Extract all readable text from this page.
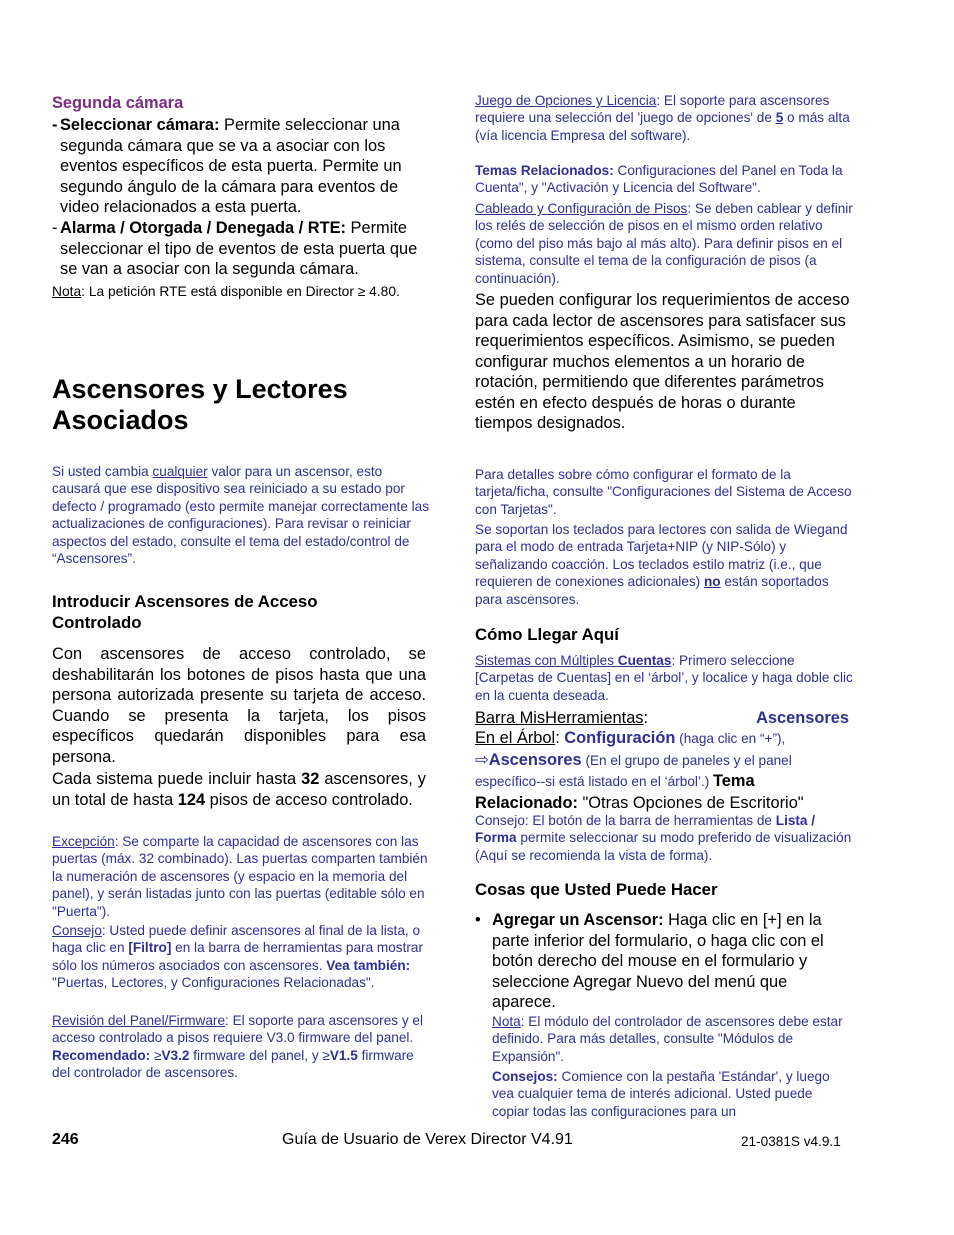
Segunda cámara
- Seleccionar cámara: Permite seleccionar una segunda cámara que se va a asociar con los eventos específicos de esta puerta. Permite un segundo ángulo de la cámara para eventos de video relacionados a esta puerta.
- Alarma / Otorgada / Denegada / RTE: Permite seleccionar el tipo de eventos de esta puerta que se van a asociar con la segunda cámara.
Nota: La petición RTE está disponible en Director ≥ 4.80.
Ascensores y Lectores Asociados
Si usted cambia cualquier valor para un ascensor, esto causará que ese dispositivo sea reiniciado a su estado por defecto / programado (esto permite manejar correctamente las actualizaciones de configuraciones). Para revisar o reiniciar aspectos del estado, consulte el tema del estado/control de “Ascensores”.
Introducir Ascensores de Acceso Controlado
Con ascensores de acceso controlado, se deshabilitarán los botones de pisos hasta que una persona autorizada presente su tarjeta de acceso. Cuando se presenta la tarjeta, los pisos específicos quedarán disponibles para esa persona.
Cada sistema puede incluir hasta 32 ascensores, y un total de hasta 124 pisos de acceso controlado.
Excepción: Se comparte la capacidad de ascensores con las puertas (máx. 32 combinado). Las puertas comparten también la numeración de ascensores (y espacio en la memoria del panel), y serán listadas junto con las puertas (editable sólo en "Puerta").
Consejo: Usted puede definir ascensores al final de la lista, o haga clic en [Filtro] en la barra de herramientas para mostrar sólo los números asociados con ascensores. Vea también: "Puertas, Lectores, y Configuraciones Relacionadas".
Revisión del Panel/Firmware: El soporte para ascensores y el acceso controlado a pisos requiere V3.0 firmware del panel. Recomendado: ≥V3.2 firmware del panel, y ≥V1.5 firmware del controlador de ascensores.
Juego de Opciones y Licencia: El soporte para ascensores requiere una selección del 'juego de opciones' de 5 o más alta (vía licencia Empresa del software).
Temas Relacionados: Configuraciones del Panel en Toda la Cuenta", y "Activación y Licencia del Software".
Cableado y Configuración de Pisos: Se deben cablear y definir los relés de selección de pisos en el mismo orden relativo (como del piso más bajo al más alto). Para definir pisos en el sistema, consulte el tema de la configuración de pisos (a continuación).
Se pueden configurar los requerimientos de acceso para cada lector de ascensores para satisfacer sus requerimientos específicos. Asimismo, se pueden configurar muchos elementos a un horario de rotación, permitiendo que diferentes parámetros estén en efecto después de horas o durante tiempos designados.
Para detalles sobre cómo configurar el formato de la tarjeta/ficha, consulte "Configuraciones del Sistema de Acceso con Tarjetas".
Se soportan los teclados para lectores con salida de Wiegand para el modo de entrada Tarjeta+NIP (y NIP-Sólo) y señalizando coacción. Los teclados estilo matriz (i.e., que requieren de conexiones adicionales) no están soportados para ascensores.
Cómo Llegar Aquí
Sistemas con Múltiples Cuentas: Primero seleccione [Carpetas de Cuentas] en el ‘árbol’, y localice y haga doble clic en la cuenta deseada.
Barra MisHerramientas:	Ascensores
En el Árbol: Configuración (haga clic en “+”), ⇨Ascensores (En el grupo de paneles y el panel específico--si está listado en el ‘árbol’.) Tema Relacionado: "Otras Opciones de Escritorio"
Consejo: El botón de la barra de herramientas de Lista / Forma permite seleccionar su modo preferido de visualización (Aquí se recomienda la vista de forma).
Cosas que Usted Puede Hacer
• Agregar un Ascensor: Haga clic en [+] en la parte inferior del formulario, o haga clic con el botón derecho del mouse en el formulario y seleccione Agregar Nuevo del menú que aparece.
Nota: El módulo del controlador de ascensores debe estar definido. Para más detalles, consulte "Módulos de Expansión".
Consejos: Comience con la pestaña 'Estándar', y luego vea cualquier tema de interés adicional. Usted puede copiar todas las configuraciones para un
246	Guía de Usuario de Verex Director V4.91	21-0381S v4.9.1
